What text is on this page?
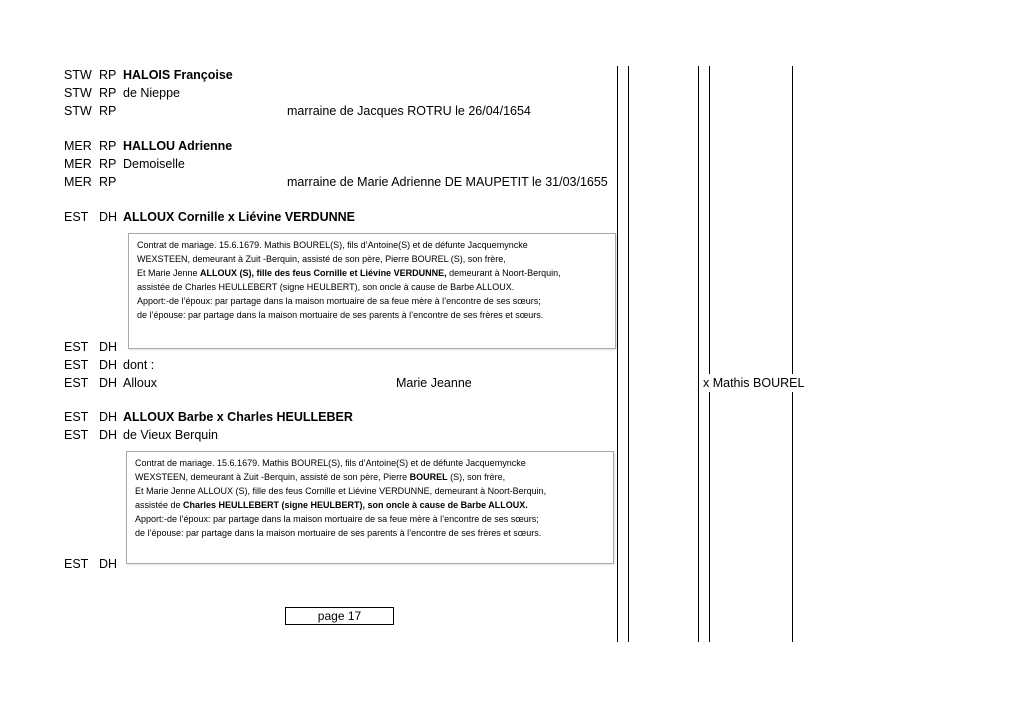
STW RP HALOIS Françoise
STW RP de Nieppe
STW RP	marraine de Jacques ROTRU le 26/04/1654
MER RP HALLOU Adrienne
MER RP Demoiselle
MER RP	marraine de Marie Adrienne DE MAUPETIT le 31/03/1655
EST DH ALLOUX Cornille x Liévine VERDUNNE
Contrat de mariage. 15.6.1679. Mathis BOUREL(S), fils d’Antoine(S) et de défunte Jacquemyncke
WEXSTEEN, demeurant à Zuit -Berquin, assisté de son père, Pierre BOUREL (S), son frère,
Et Marie Jenne ALLOUX (S), fille des feus Cornille et Liévine VERDUNNE, demeurant à Noort-Berquin,
assistée de Charles HEULLEBERT (signe HEULBERT), son oncle à cause de Barbe ALLOUX.
Apport:-de l’époux: par partage dans la maison mortuaire de sa feue mère à l’encontre de ses sœurs;
de l’épouse: par partage dans la maison mortuaire de ses parents à l’encontre de ses frères et sœurs.
EST DH
EST DH dont :
EST DH Alloux	Marie Jeanne	x Mathis BOUREL
EST DH ALLOUX Barbe x Charles HEULLEBER
EST DH de Vieux Berquin
Contrat de mariage. 15.6.1679. Mathis BOUREL(S), fils d’Antoine(S) et de défunte Jacquemyncke
WEXSTEEN, demeurant à Zuit -Berquin, assisté de son père, Pierre BOUREL (S), son frère,
Et Marie Jenne ALLOUX (S), fille des feus Cornille et Liévine VERDUNNE, demeurant à Noort-Berquin,
assistée de Charles HEULLEBERT (signe HEULBERT), son oncle à cause de Barbe ALLOUX.
Apport:-de l’époux: par partage dans la maison mortuaire de sa feue mère à l’encontre de ses sœurs;
de l’épouse: par partage dans la maison mortuaire de ses parents à l’encontre de ses frères et sœurs.
EST DH
page 17
